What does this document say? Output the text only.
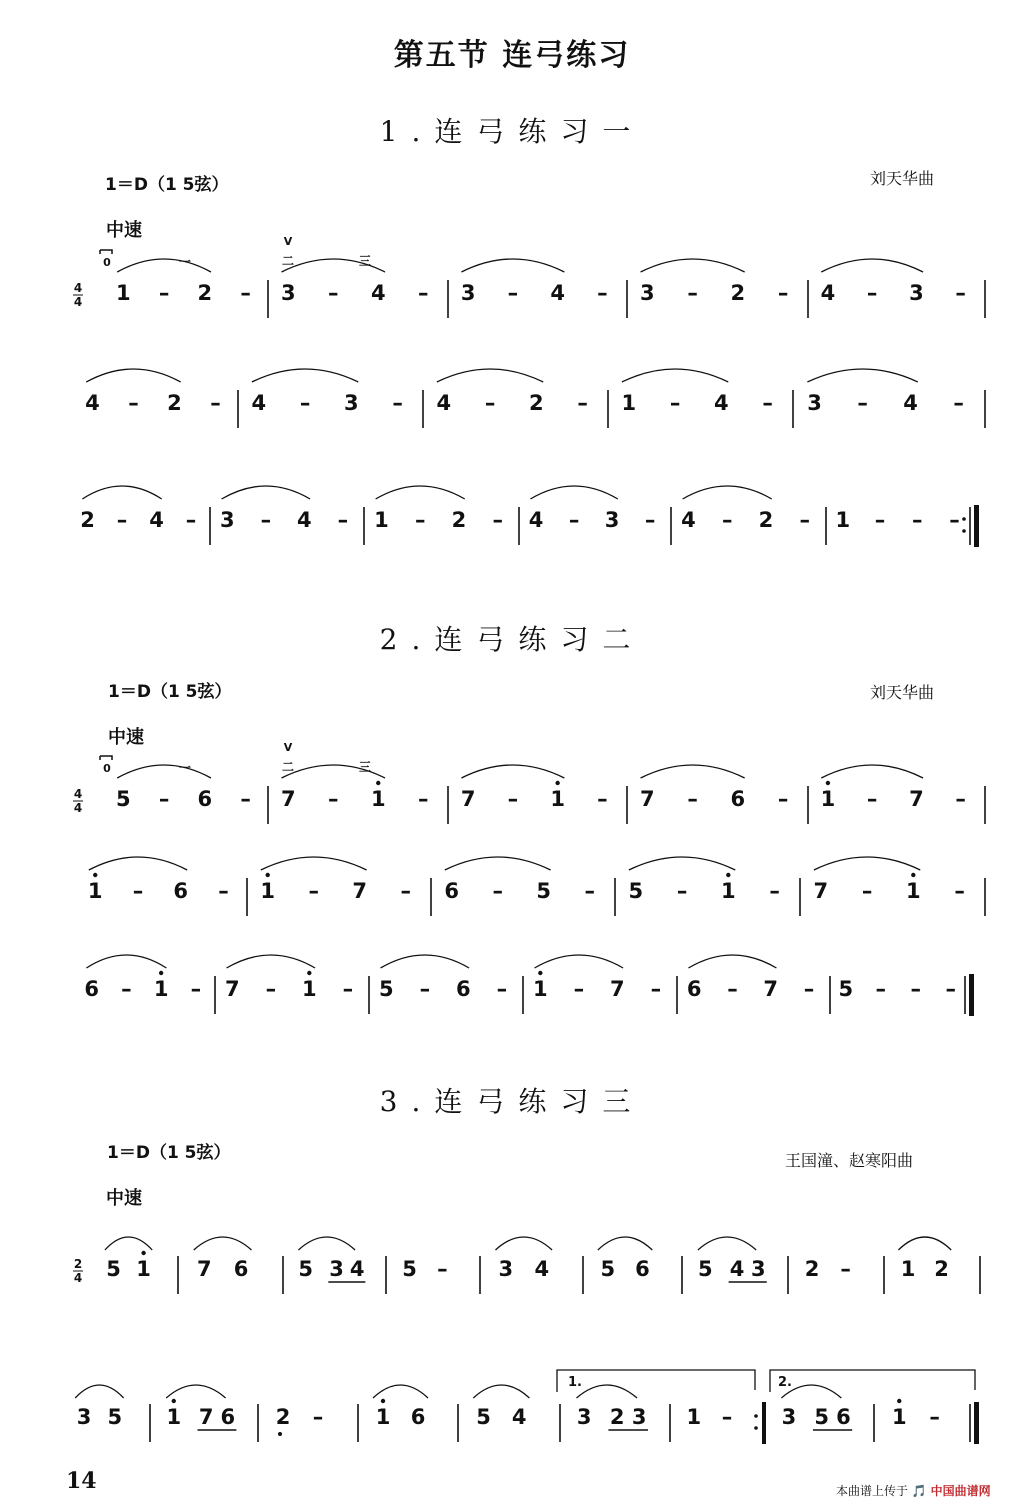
第五节 连弓练习
1.连弓练习一
1＝D（1 5弦）	刘天华曲
中速
2.连弓练习二
1＝D（1 5弦）	刘天华曲
中速
3.连弓练习三
1＝D（1 5弦）	王国潼、赵寒阳曲
中速
4
4 1 – 2 – 3 – 4 – 3 – 4 – 3 – 2 – 4 – 3 –
4 – 2 – 4 – 3 – 4 – 2 – 1 – 4 – 3 – 4 –
2 – 4 – 3 – 4 – 1 – 2 – 4 – 3 – 4 – 2 – 1 – – –
0	一
V
二	三
4
4 5 – 6 – 7 – 1 – 7 – 1 – 7 – 6 – 1 – 7 –
1 – 6 – 1 – 7 – 6 – 5 – 5 – 1 – 7 – 1 –
6 – 1 – 7 – 1 – 5 – 6 – 1 – 7 – 6 – 7 – 5 – – –
0	一
V
二	三
2
4 5 1 7 6 5 3 4 5 – 3 4 5 6 5 4 3 2 – 1 2
3 5 1 7 6 2 – 1 6 5 4 3 2 3 1 – 3 5 6 1 –
1.	2.
14	本曲谱上传于 🎵 中国曲谱网
